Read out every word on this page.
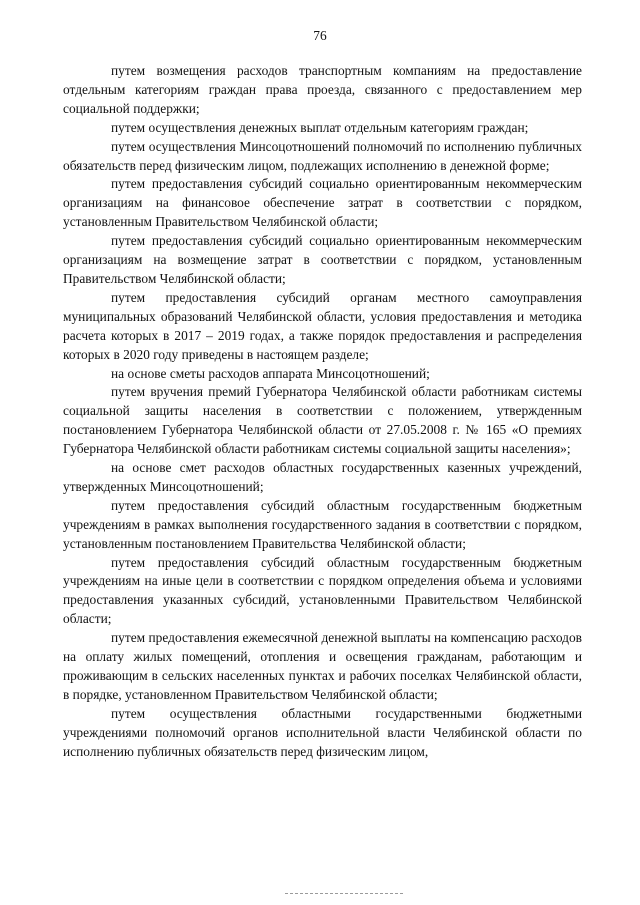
76

путем возмещения расходов транспортным компаниям на предоставление отдельным категориям граждан права проезда, связанного с предоставлением мер социальной поддержки;

путем осуществления денежных выплат отдельным категориям граждан;

путем осуществления Минсоцотношений полномочий по исполнению публичных обязательств перед физическим лицом, подлежащих исполнению в денежной форме;

путем предоставления субсидий социально ориентированным некоммерческим организациям на финансовое обеспечение затрат в соответствии с порядком, установленным Правительством Челябинской области;

путем предоставления субсидий социально ориентированным некоммерческим организациям на возмещение затрат в соответствии с порядком, установленным Правительством Челябинской области;

путем предоставления субсидий органам местного самоуправления муниципальных образований Челябинской области, условия предоставления и методика расчета которых в 2017 – 2019 годах, а также порядок предоставления и распределения которых в 2020 году приведены в настоящем разделе;

на основе сметы расходов аппарата Минсоцотношений;

путем вручения премий Губернатора Челябинской области работникам системы социальной защиты населения в соответствии с положением, утвержденным постановлением Губернатора Челябинской области от 27.05.2008 г. № 165 «О премиях Губернатора Челябинской области работникам системы социальной защиты населения»;

на основе смет расходов областных государственных казенных учреждений, утвержденных Минсоцотношений;

путем предоставления субсидий областным государственным бюджетным учреждениям в рамках выполнения государственного задания в соответствии с порядком, установленным постановлением Правительства Челябинской области;

путем предоставления субсидий областным государственным бюджетным учреждениям на иные цели в соответствии с порядком определения объема и условиями предоставления указанных субсидий, установленными Правительством Челябинской области;

путем предоставления ежемесячной денежной выплаты на компенсацию расходов на оплату жилых помещений, отопления и освещения гражданам, работающим и проживающим в сельских населенных пунктах и рабочих поселках Челябинской области, в порядке, установленном Правительством Челябинской области;

путем осуществления областными государственными бюджетными учреждениями полномочий органов исполнительной власти Челябинской области по исполнению публичных обязательств перед физическим лицом,
